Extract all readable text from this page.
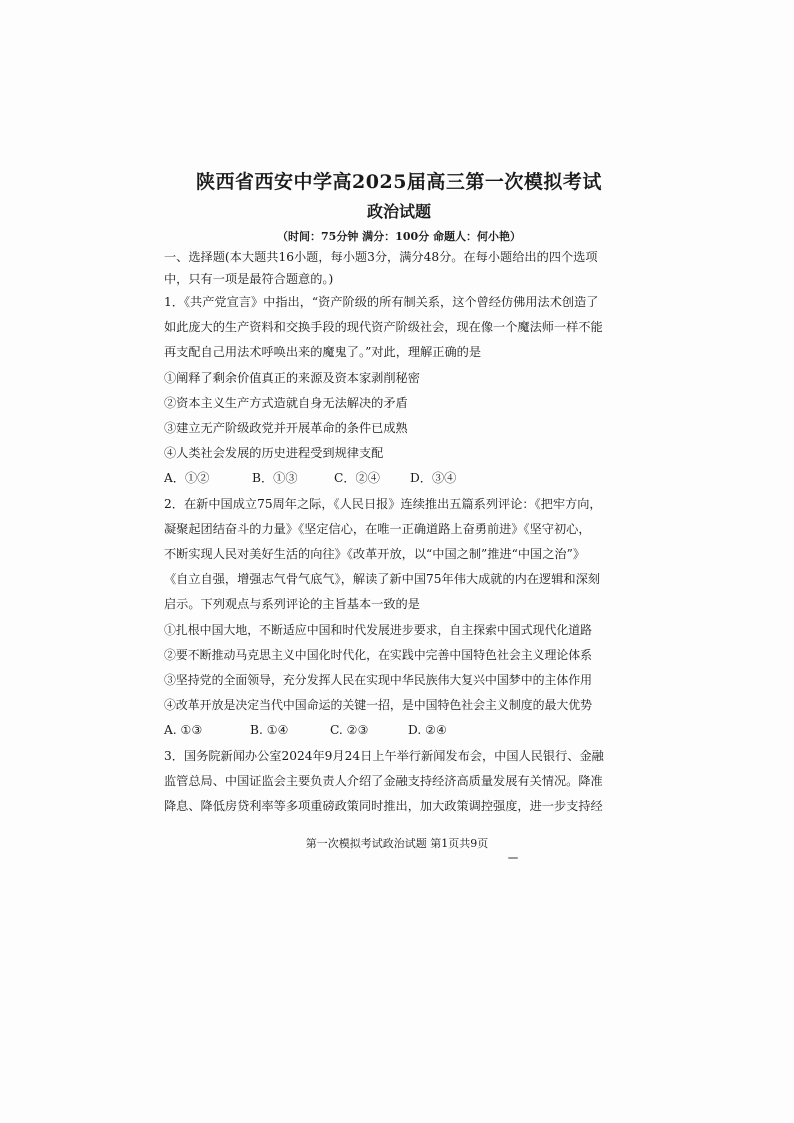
陕西省西安中学高2025届高三第一次模拟考试
政治试题

（时间：75分钟 满分：100分 命题人：何小艳）

一、选择题(本大题共16小题，每小题3分，满分48分。在每小题给出的四个选项

中，只有一项是最符合题意的。)

1．《共产党宣言》中指出，“资产阶级的所有制关系，这个曾经仿佛用法术创造了

如此庞大的生产资料和交换手段的现代资产阶级社会，现在像一个魔法师一样不能

再支配自己用法术呼唤出来的魔鬼了。”对此，理解正确的是

①阐释了剩余价值真正的来源及资本家剥削秘密

②资本主义生产方式造就自身无法解决的矛盾

③建立无产阶级政党并开展革命的条件已成熟

④人类社会发展的历史进程受到规律支配

A．①②	B．①③	C．②④	D．③④

2．在新中国成立75周年之际，《人民日报》连续推出五篇系列评论：《把牢方向，

凝聚起团结奋斗的力量》《坚定信心，在唯一正确道路上奋勇前进》《坚守初心，

不断实现人民对美好生活的向往》《改革开放，以“中国之制”推进“中国之治”》

《自立自强，增强志气骨气底气》，解读了新中国75年伟大成就的内在逻辑和深刻

启示。下列观点与系列评论的主旨基本一致的是

①扎根中国大地，不断适应中国和时代发展进步要求，自主探索中国式现代化道路

②要不断推动马克思主义中国化时代化，在实践中完善中国特色社会主义理论体系

③坚持党的全面领导，充分发挥人民在实现中华民族伟大复兴中国梦中的主体作用

④改革开放是决定当代中国命运的关键一招，是中国特色社会主义制度的最大优势

A. ①③	B. ①④	C. ②③	D. ②④

3．国务院新闻办公室2024年9月24日上午举行新闻发布会，中国人民银行、金融

监管总局、中国证监会主要负责人介绍了金融支持经济高质量发展有关情况。降准

降息、降低房贷利率等多项重磅政策同时推出，加大政策调控强度，进一步支持经

第一次模拟考试政治试题 第1页共9页
